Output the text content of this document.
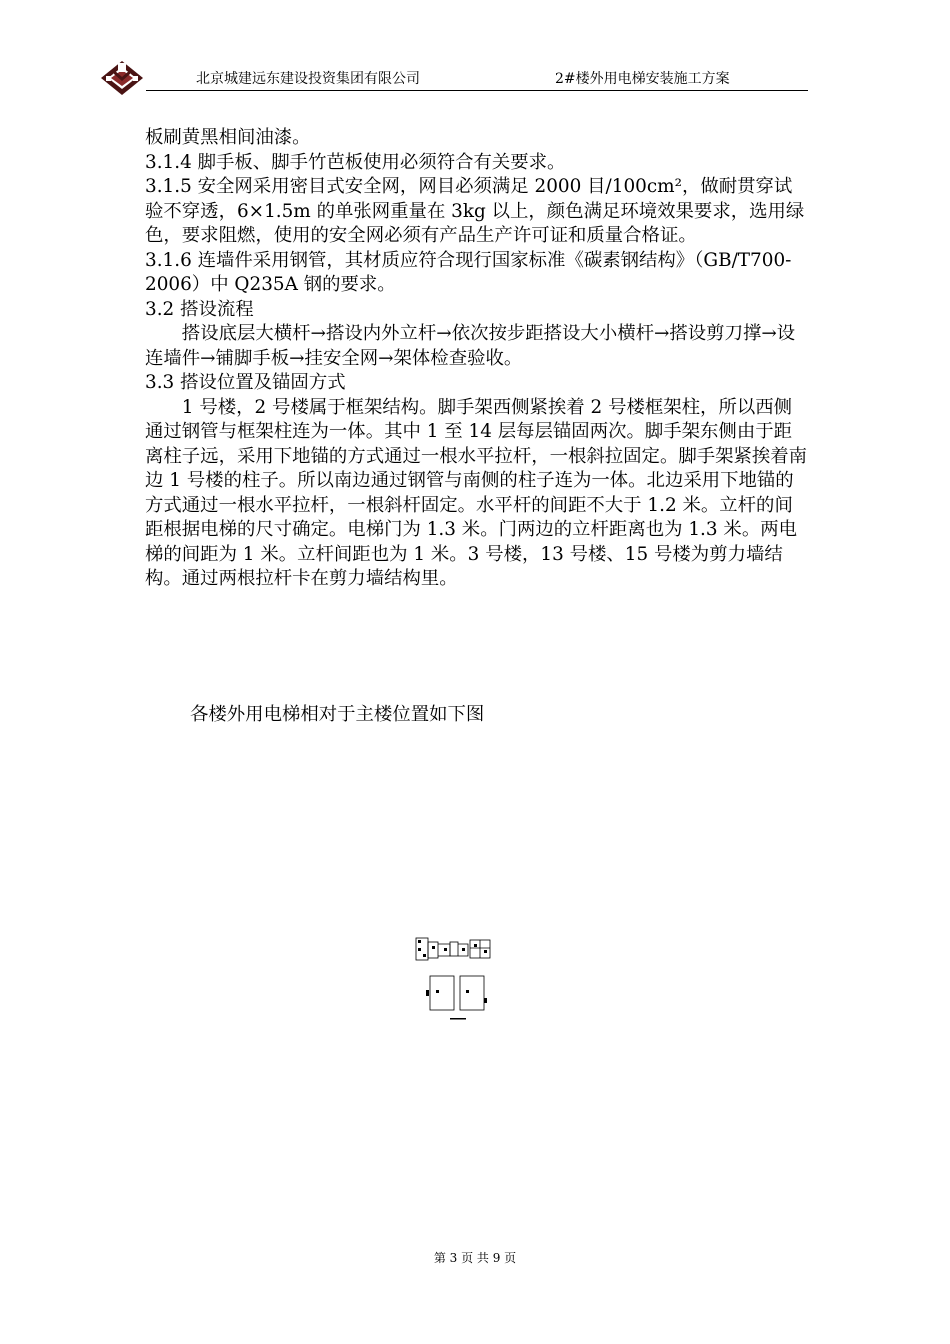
北京城建远东建设投资集团有限公司	2#楼外用电梯安装施工方案

板刷黄黑相间油漆。

3.1.4 脚手板、脚手竹芭板使用必须符合有关要求。

3.1.5 安全网采用密目式安全网，网目必须满足 2000 目/100cm²，做耐贯穿试验不穿透，6×1.5m 的单张网重量在 3kg 以上，颜色满足环境效果要求，选用绿色，要求阻燃，使用的安全网必须有产品生产许可证和质量合格证。

3.1.6 连墙件采用钢管，其材质应符合现行国家标准《碳素钢结构》（GB/T700-2006）中 Q235A 钢的要求。

3.2 搭设流程

搭设底层大横杆→搭设内外立杆→依次按步距搭设大小横杆→搭设剪刀撑→设连墙件→铺脚手板→挂安全网→架体检查验收。

3.3 搭设位置及锚固方式

1 号楼，2 号楼属于框架结构。脚手架西侧紧挨着 2 号楼框架柱，所以西侧通过钢管与框架柱连为一体。其中 1 至 14 层每层锚固两次。脚手架东侧由于距离柱子远，采用下地锚的方式通过一根水平拉杆，一根斜拉固定。脚手架紧挨着南边 1 号楼的柱子。所以南边通过钢管与南侧的柱子连为一体。北边采用下地锚的方式通过一根水平拉杆，一根斜杆固定。水平杆的间距不大于 1.2 米。立杆的间距根据电梯的尺寸确定。电梯门为 1.3 米。门两边的立杆距离也为 1.3 米。两电梯的间距为 1 米。立杆间距也为 1 米。3 号楼，13 号楼、15 号楼为剪力墙结构。通过两根拉杆卡在剪力墙结构里。

各楼外用电梯相对于主楼位置如下图
第 3 页 共 9 页
